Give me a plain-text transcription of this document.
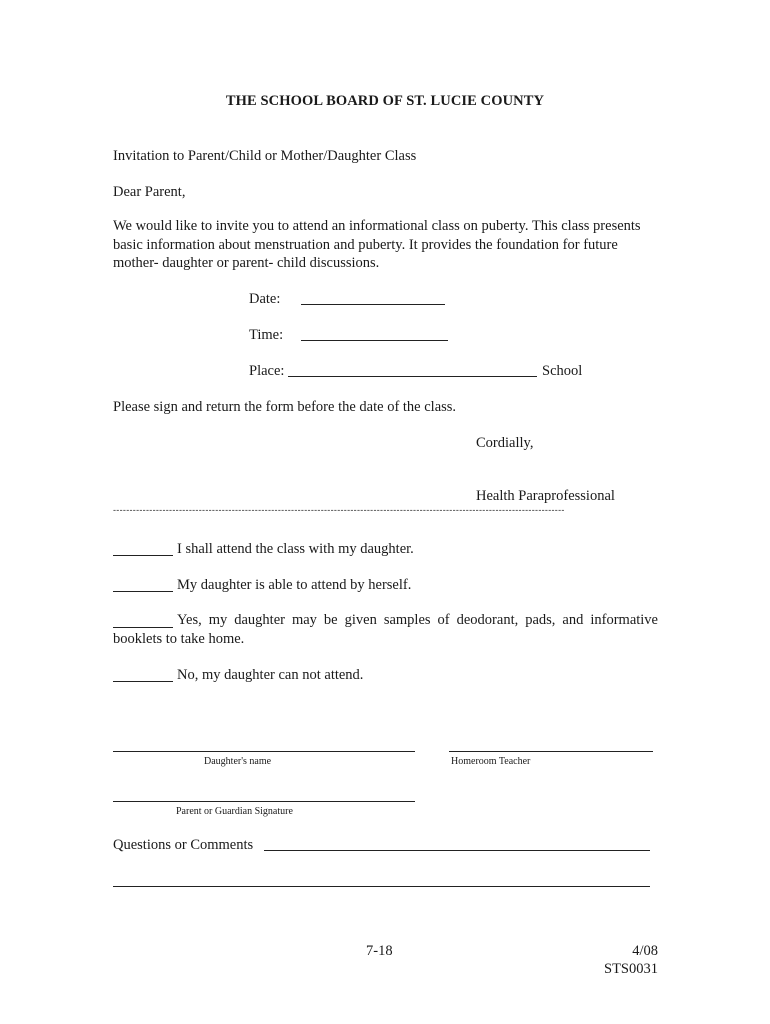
THE SCHOOL BOARD OF ST. LUCIE COUNTY
Invitation to Parent/Child or Mother/Daughter Class
Dear Parent,
We would like to invite you to attend an informational class on puberty. This class presents basic information about menstruation and puberty. It provides the foundation for future mother- daughter or parent- child discussions.
Date:
Time:
Place:	School
Please sign and return the form before the date of the class.
Cordially,
Health Paraprofessional
-----------------------------------------------------------------------------------------------------------------------------------------
I shall attend the class with my daughter.
My daughter is able to attend by herself.
Yes, my daughter may be given samples of deodorant, pads, and informative booklets to take home.
No, my daughter can not attend.
Daughter's name	Homeroom Teacher
Parent or Guardian Signature
Questions or Comments
7-18	4/08
STS0031
